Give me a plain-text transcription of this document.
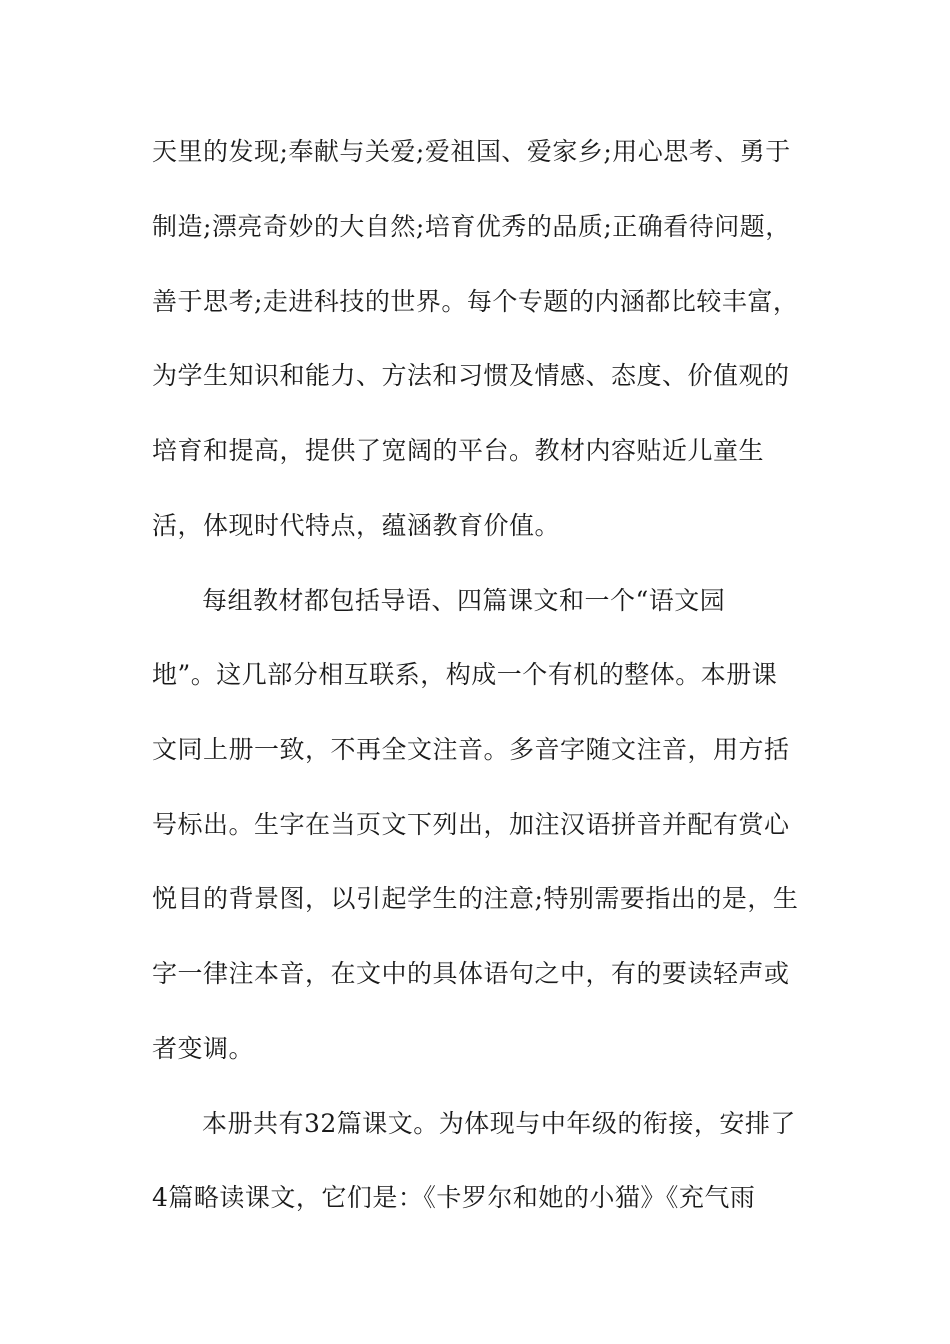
天里的发现;奉献与关爱;爱祖国、爱家乡;用心思考、勇于
制造;漂亮奇妙的大自然;培育优秀的品质;正确看待问题，
善于思考;走进科技的世界。每个专题的内涵都比较丰富，
为学生知识和能力、方法和习惯及情感、态度、价值观的
培育和提高，提供了宽阔的平台。教材内容贴近儿童生
活，体现时代特点，蕴涵教育价值。
每组教材都包括导语、四篇课文和一个“语文园
地”。这几部分相互联系，构成一个有机的整体。本册课
文同上册一致，不再全文注音。多音字随文注音，用方括
号标出。生字在当页文下列出，加注汉语拼音并配有赏心
悦目的背景图，以引起学生的注意;特别需要指出的是，生
字一律注本音，在文中的具体语句之中，有的要读轻声或
者变调。
本册共有32篇课文。为体现与中年级的衔接，安排了
4篇略读课文，它们是：《卡罗尔和她的小猫》《充气雨
